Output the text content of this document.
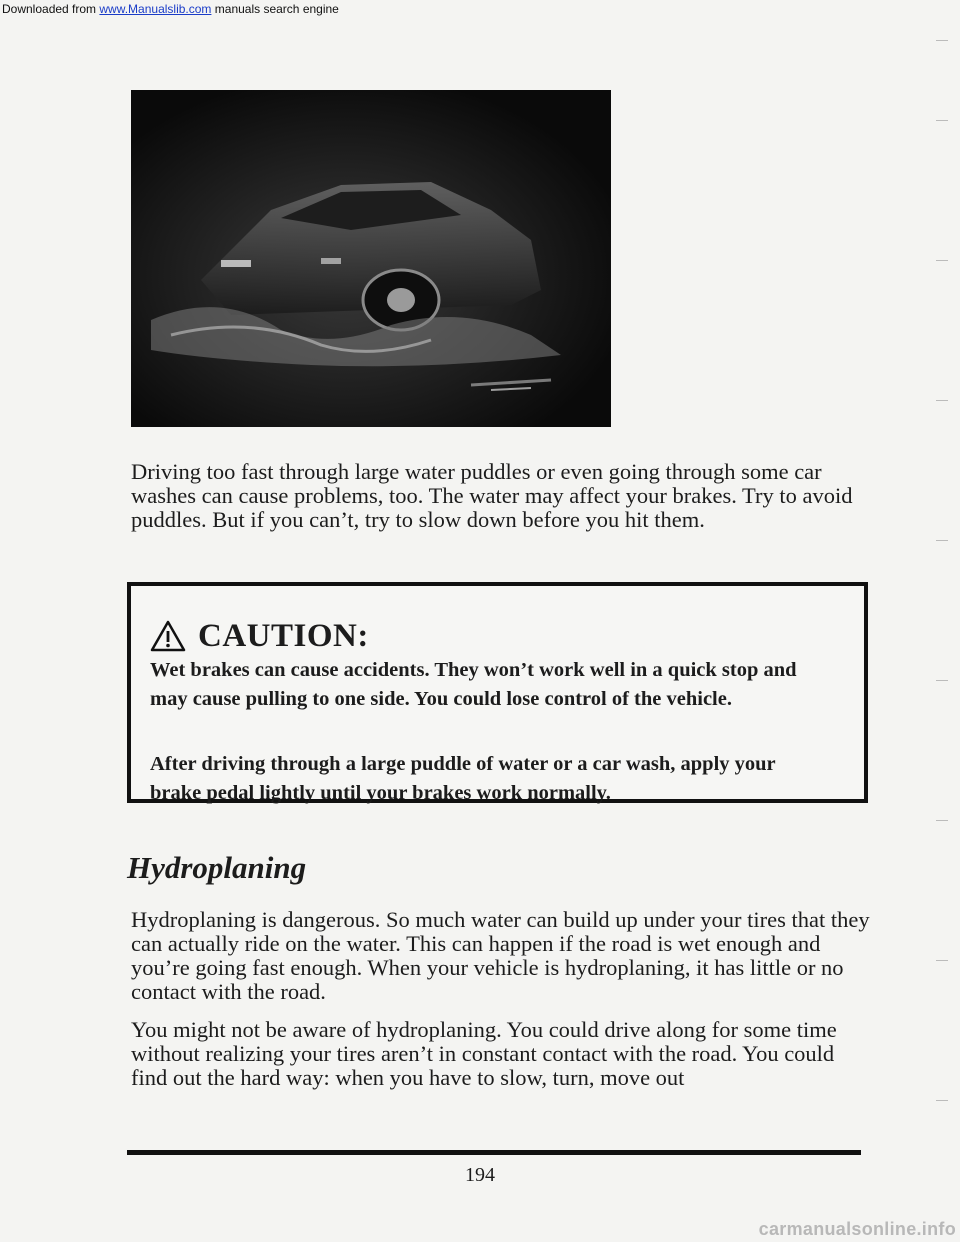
Downloaded from www.Manualslib.com manuals search engine

Driving too fast through large water puddles or even going through some car washes can cause problems, too. The water may affect your brakes. Try to avoid puddles. But if you can’t, try to slow down before you hit them.

CAUTION:

Wet brakes can cause accidents. They won’t work well in a quick stop and may cause pulling to one side. You could lose control of the vehicle.

After driving through a large puddle of water or a car wash, apply your brake pedal lightly until your brakes work normally.

Hydroplaning

Hydroplaning is dangerous. So much water can build up under your tires that they can actually ride on the water. This can happen if the road is wet enough and you’re going fast enough. When your vehicle is hydroplaning, it has little or no contact with the road.

You might not be aware of hydroplaning. You could drive along for some time without realizing your tires aren’t in constant contact with the road. You could find out the hard way: when you have to slow, turn, move out

194
carmanualsonline.info
